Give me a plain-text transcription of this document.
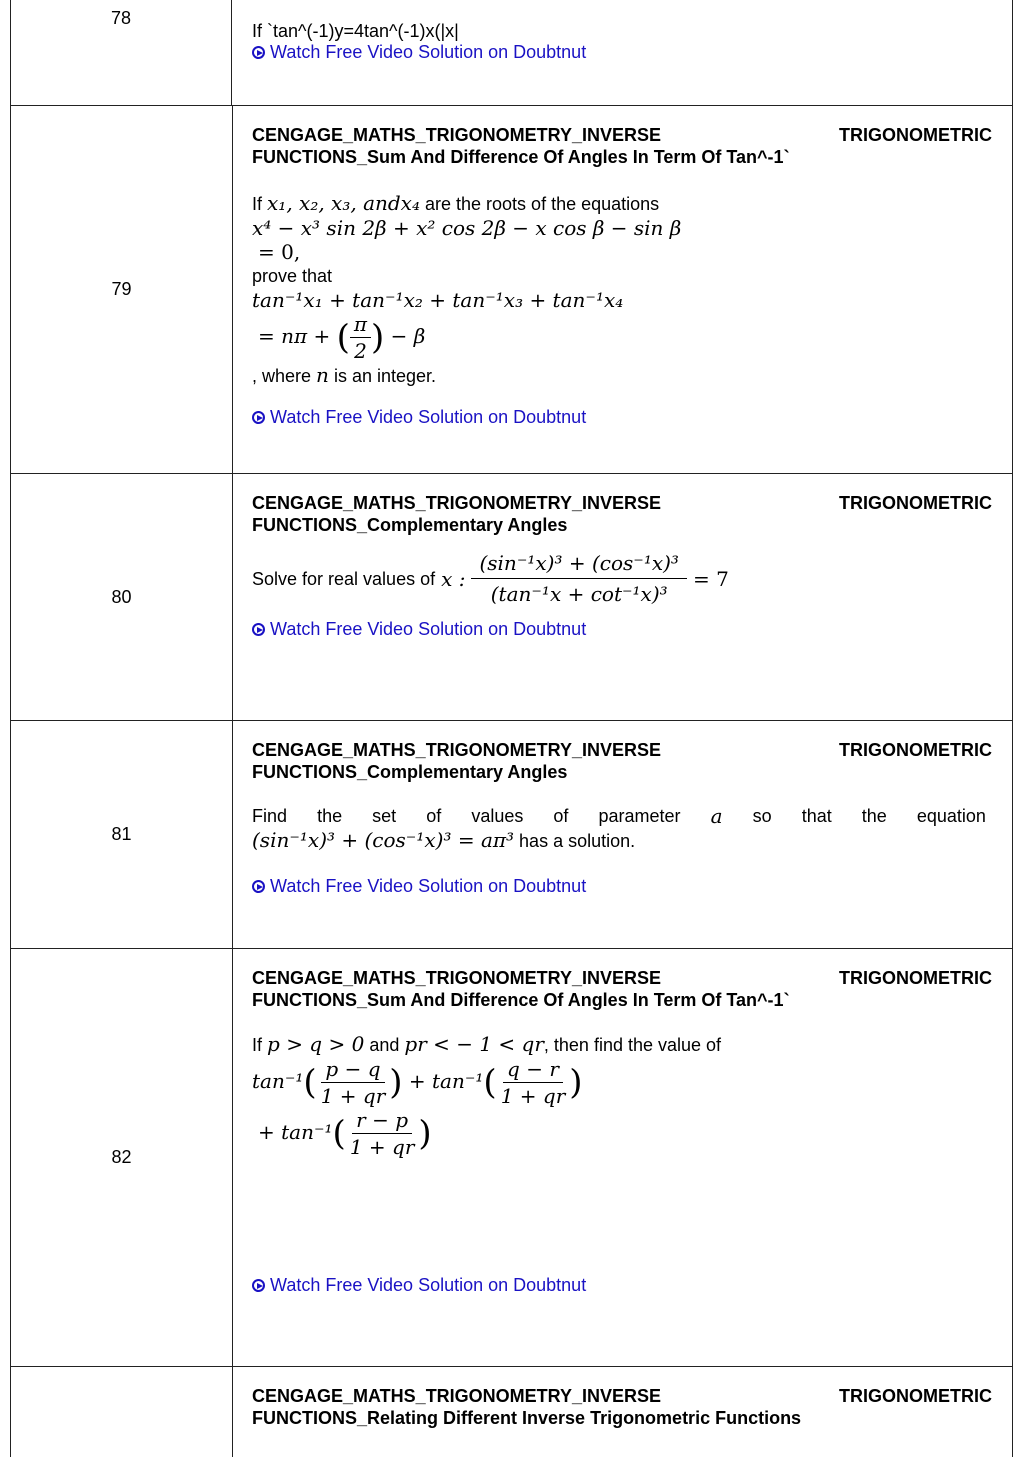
78
If `tan^(-1)y=4tan^(-1)x(|x|
Watch Free Video Solution on Doubtnut
79
CENGAGE_MATHS_TRIGONOMETRY_INVERSE	TRIGONOMETRIC
FUNCTIONS_Sum And Difference Of Angles In Term Of Tan^-1`
If x₁, x₂, x₃, andx₄ are the roots of the equations
x⁴ − x³ sin 2β + x² cos 2β − x cos β − sin β
= 0,
prove that
tan⁻¹x₁ + tan⁻¹x₂ + tan⁻¹x₃ + tan⁻¹x₄
= nπ + ( $\frac{\pi}{2}$ ) − β
, where n is an integer.
Watch Free Video Solution on Doubtnut
80
CENGAGE_MATHS_TRIGONOMETRY_INVERSE	TRIGONOMETRIC
FUNCTIONS_Complementary Angles
Solve for real values of x : $\frac{\text{(sin⁻¹x)³ + (cos⁻¹x)³}}{\text{(tan⁻¹x + cot⁻¹x)³}} = 7$
Watch Free Video Solution on Doubtnut
81
CENGAGE_MATHS_TRIGONOMETRY_INVERSE	TRIGONOMETRIC
FUNCTIONS_Complementary Angles
Find the set of values of parameter a so that the equation
(sin⁻¹x)³ + (cos⁻¹x)³ = aπ³ has a solution.
Watch Free Video Solution on Doubtnut
82
CENGAGE_MATHS_TRIGONOMETRY_INVERSE	TRIGONOMETRIC
FUNCTIONS_Sum And Difference Of Angles In Term Of Tan^-1`
If p > q > 0 and pr < − 1 < qr, then find the value of
$\tan^{-1}( \frac{p - q}{1 + qr}$ ) + $\tan^{-1}( \frac{q - r}{1 + qr}$ )
+ $\tan^{-1}( \frac{r - p}{1 + qr}$ )
Watch Free Video Solution on Doubtnut
CENGAGE_MATHS_TRIGONOMETRY_INVERSE	TRIGONOMETRIC
FUNCTIONS_Relating Different Inverse Trigonometric Functions
